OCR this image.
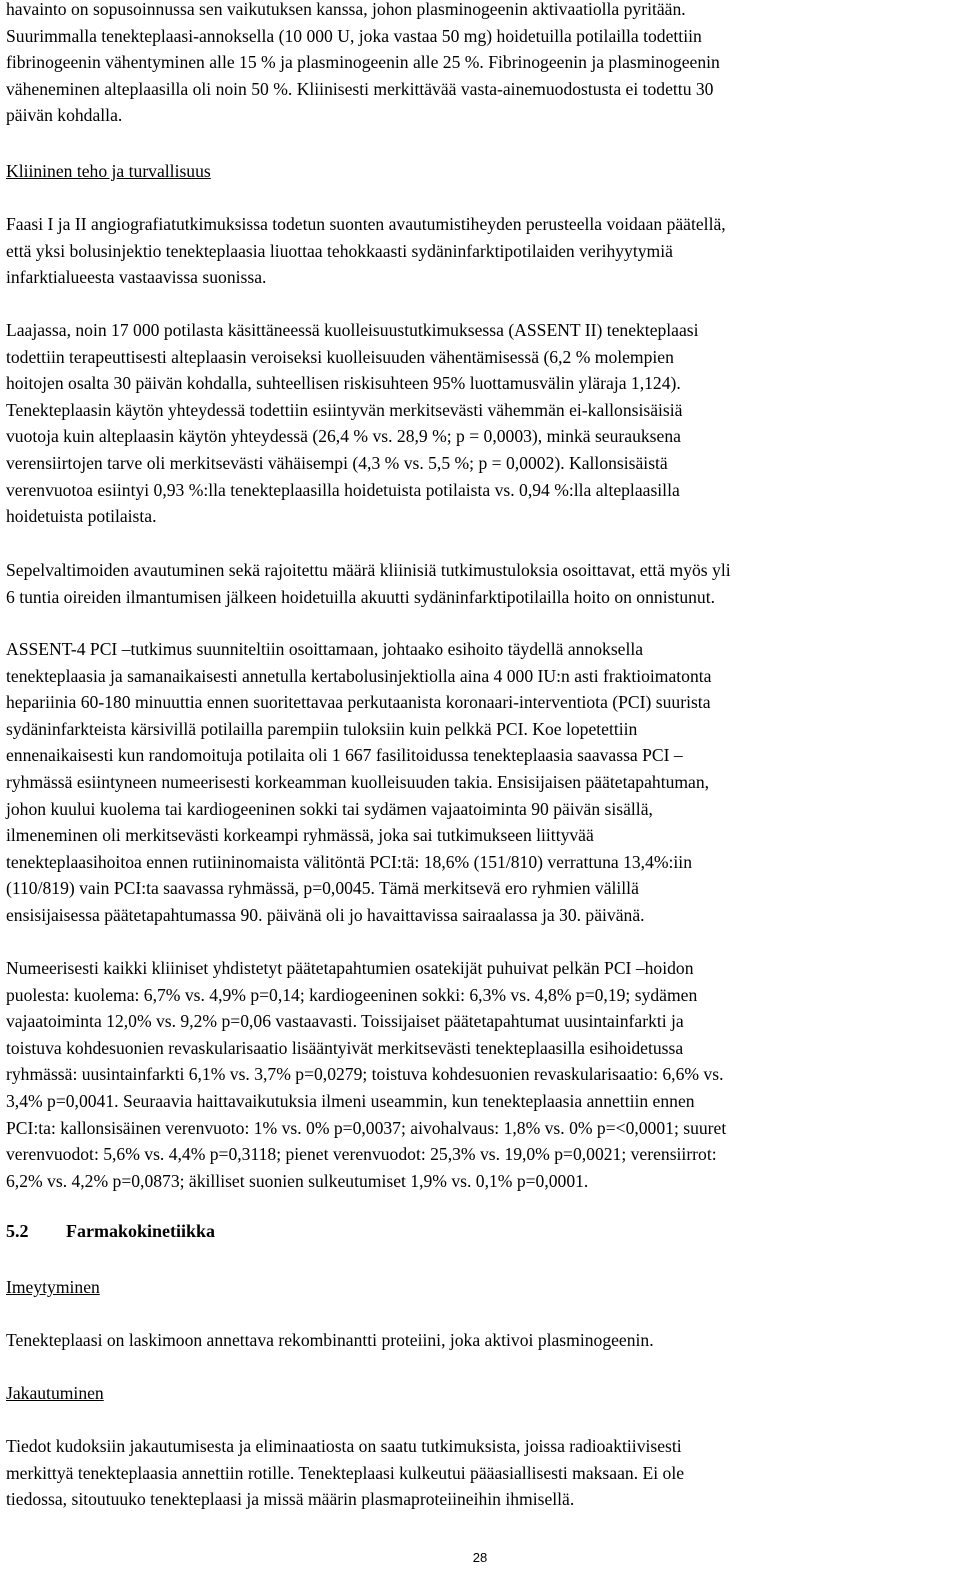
havainto on sopusoinnussa sen vaikutuksen kanssa, johon plasminogeenin aktivaatiolla pyritään.
Suurimmalla tenekteplaasi-annoksella (10 000 U, joka vastaa 50 mg) hoidetuilla potilailla todettiin
fibrinogeenin vähentyminen alle 15 % ja plasminogeenin alle 25 %. Fibrinogeenin ja plasminogeenin
väheneminen alteplaasilla oli noin 50 %. Kliinisesti merkittävää vasta-ainemuodostusta ei todettu 30
päivän kohdalla.
Kliininen teho ja turvallisuus
Faasi I ja II angiografiatutkimuksissa todetun suonten avautumistiheyden perusteella voidaan päätellä,
että yksi bolusinjektio tenekteplaasia liuottaa tehokkaasti sydäninfarktipotilaiden verihyytymiä
infarktialueesta vastaavissa suonissa.
Laajassa, noin 17 000 potilasta käsittäneessä kuolleisuustutkimuksessa (ASSENT II) tenekteplaasi
todettiin terapeuttisesti alteplaasin veroiseksi kuolleisuuden vähentämisessä (6,2 % molempien
hoitojen osalta 30 päivän kohdalla, suhteellisen riskisuhteen 95% luottamusvälin yläraja 1,124).
Tenekteplaasin käytön yhteydessä todettiin esiintyvän merkitsevästi vähemmän ei-kallonsisäisiä
vuotoja kuin alteplaasin käytön yhteydessä (26,4 % vs. 28,9 %; p = 0,0003), minkä seurauksena
verensiirtojen tarve oli merkitsevästi vähäisempi (4,3 % vs. 5,5 %; p = 0,0002). Kallonsisäistä
verenvuotoa esiintyi 0,93 %:lla tenekteplaasilla hoidetuista potilaista vs. 0,94 %:lla alteplaasilla
hoidetuista potilaista.
Sepelvaltimoiden avautuminen sekä rajoitettu määrä kliinisiä tutkimustuloksia osoittavat, että myös yli
6 tuntia oireiden ilmantumisen jälkeen hoidetuilla akuutti sydäninfarktipotilailla hoito on onnistunut.
ASSENT-4 PCI –tutkimus suunniteltiin osoittamaan, johtaako esihoito täydellä annoksella
tenekteplaasia ja samanaikaisesti annetulla kertabolusinjektiolla aina 4 000 IU:n asti fraktioimatonta
hepariinia 60-180 minuuttia ennen suoritettavaa perkutaanista koronaari-interventiota (PCI) suurista
sydäninfarkteista kärsivillä potilailla parempiin tuloksiin kuin pelkkä PCI. Koe lopetettiin
ennenaikaisesti kun randomoituja potilaita oli 1 667 fasilitoidussa tenekteplaasia saavassa PCI –
ryhmässä esiintyneen numeerisesti korkeamman kuolleisuuden takia. Ensisijaisen päätetapahtuman,
johon kuului kuolema tai kardiogeeninen sokki tai sydämen vajaatoiminta 90 päivän sisällä,
ilmeneminen oli merkitsevästi korkeampi ryhmässä, joka sai tutkimukseen liittyvää
tenekteplaasihoitoa ennen rutiininomaista välitöntä PCI:tä: 18,6% (151/810) verrattuna 13,4%:iin
(110/819) vain PCI:ta saavassa ryhmässä, p=0,0045. Tämä merkitsevä ero ryhmien välillä
ensisijaisessa päätetapahtumassa 90. päivänä oli jo havaittavissa sairaalassa ja 30. päivänä.
Numeerisesti kaikki kliiniset yhdistetyt päätetapahtumien osatekijät puhuivat pelkän PCI –hoidon
puolesta: kuolema: 6,7% vs. 4,9% p=0,14; kardiogeeninen sokki: 6,3% vs. 4,8% p=0,19; sydämen
vajaatoiminta 12,0% vs. 9,2% p=0,06 vastaavasti. Toissijaiset päätetapahtumat uusintainfarkti ja
toistuva kohdesuonien revaskularisaatio lisääntyivät merkitsevästi tenekteplaasilla esihoidetussa
ryhmässä: uusintainfarkti 6,1% vs. 3,7% p=0,0279; toistuva kohdesuonien revaskularisaatio: 6,6% vs.
3,4% p=0,0041. Seuraavia haittavaikutuksia ilmeni useammin, kun tenekteplaasia annettiin ennen
PCI:ta: kallonsisäinen verenvuoto: 1% vs. 0% p=0,0037; aivohalvaus: 1,8% vs. 0% p=<0,0001; suuret
verenvuodot: 5,6% vs. 4,4% p=0,3118; pienet verenvuodot: 25,3% vs. 19,0% p=0,0021; verensiirrot:
6,2% vs. 4,2% p=0,0873; äkilliset suonien sulkeutumiset 1,9% vs. 0,1% p=0,0001.
5.2 Farmakokinetiikka
Imeytyminen
Tenekteplaasi on laskimoon annettava rekombinantti proteiini, joka aktivoi plasminogeenin.
Jakautuminen
Tiedot kudoksiin jakautumisesta ja eliminaatiosta on saatu tutkimuksista, joissa radioaktiivisesti
merkittyä tenekteplaasia annettiin rotille. Tenekteplaasi kulkeutui pääasiallisesti maksaan. Ei ole
tiedossa, sitoutuuko tenekteplaasi ja missä määrin plasmaproteiineihin ihmisellä.
28
